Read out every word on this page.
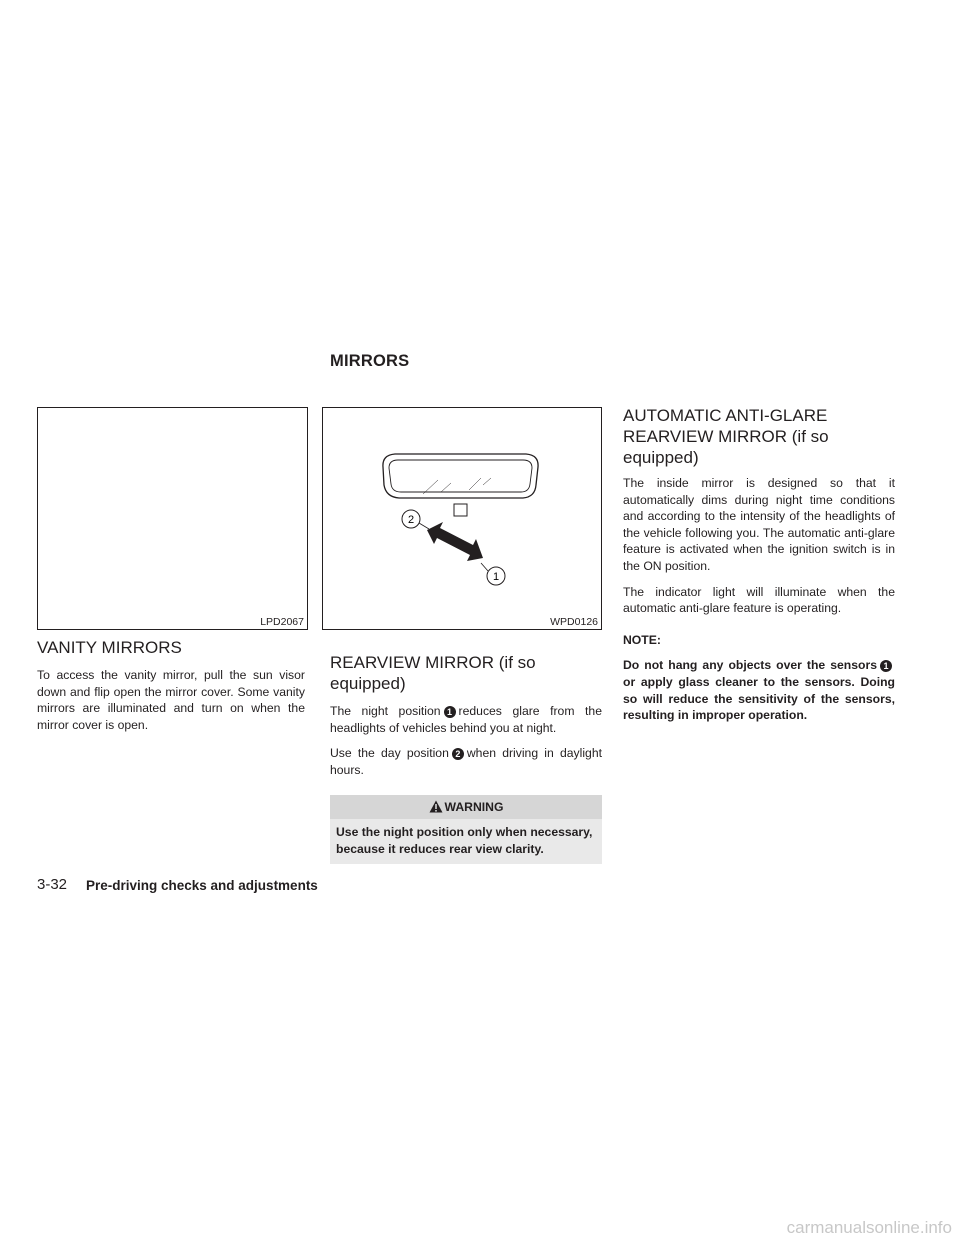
MIRRORS
LPD2067
VANITY MIRRORS

To access the vanity mirror, pull the sun visor down and flip open the mirror cover. Some vanity mirrors are illuminated and turn on when the mirror cover is open.

2
1
WPD0126
REARVIEW MIRROR (if so equipped)

The night position 1 reduces glare from the headlights of vehicles behind you at night.

Use the day position 2 when driving in daylight hours.

WARNING
Use the night position only when necessary, because it reduces rear view clarity.
AUTOMATIC ANTI-GLARE
REARVIEW MIRROR (if so equipped)

The inside mirror is designed so that it automatically dims during night time conditions and according to the intensity of the headlights of the vehicle following you. The automatic anti-glare feature is activated when the ignition switch is in the ON position.

The indicator light will illuminate when the automatic anti-glare feature is operating.

NOTE:

Do not hang any objects over the sensors 1or apply glass cleaner to the sensors. Doing so will reduce the sensitivity of the sensors, resulting in improper operation.

3-32 Pre-driving checks and adjustments
carmanualsonline.info
